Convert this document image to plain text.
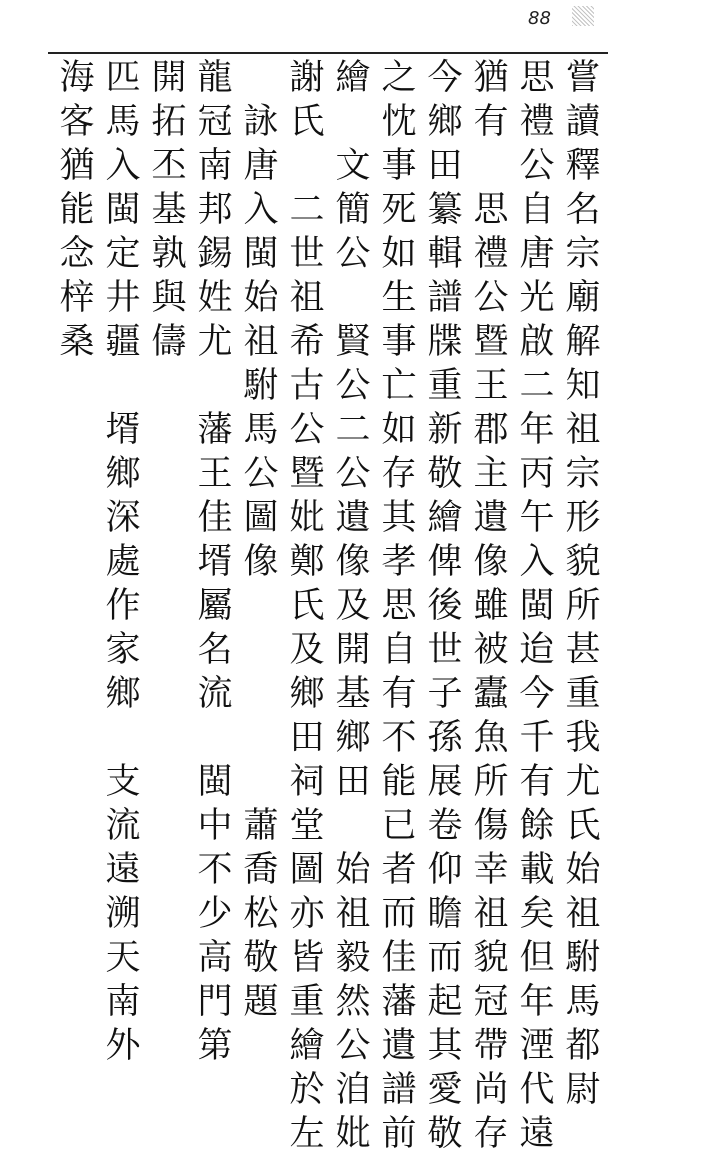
88
嘗讀釋名宗廟解知祖宗形貌所甚重我尤氏始祖駙馬都尉
思禮公自唐光啟二年丙午入閩迨今千有餘載矣但年湮代遠
猶有　思禮公暨王郡主遺像雖被蠹魚所傷幸祖貌冠帶尚存
今鄉田纂輯譜牒重新敬繪俾後世子孫展卷仰瞻而起其愛敬
之忱事死如生事亡如存其孝思自有不能已者而佳藩遺譜前
繪　文簡公　賢公二公遺像及開基鄉田　始祖毅然公洎妣
謝氏　二世祖希古公暨妣鄭氏及鄉田祠堂圖亦皆重繪於左
　詠唐入閩始祖駙馬公圖像　　　　　蕭喬松敬題
龍冠南邦錫姓尤　藩王佳壻屬名流　閩中不少高門第
開拓丕基孰與儔
匹馬入閩定井疆　壻鄉深處作家鄉　支流遠溯天南外
海客猶能念梓桑
